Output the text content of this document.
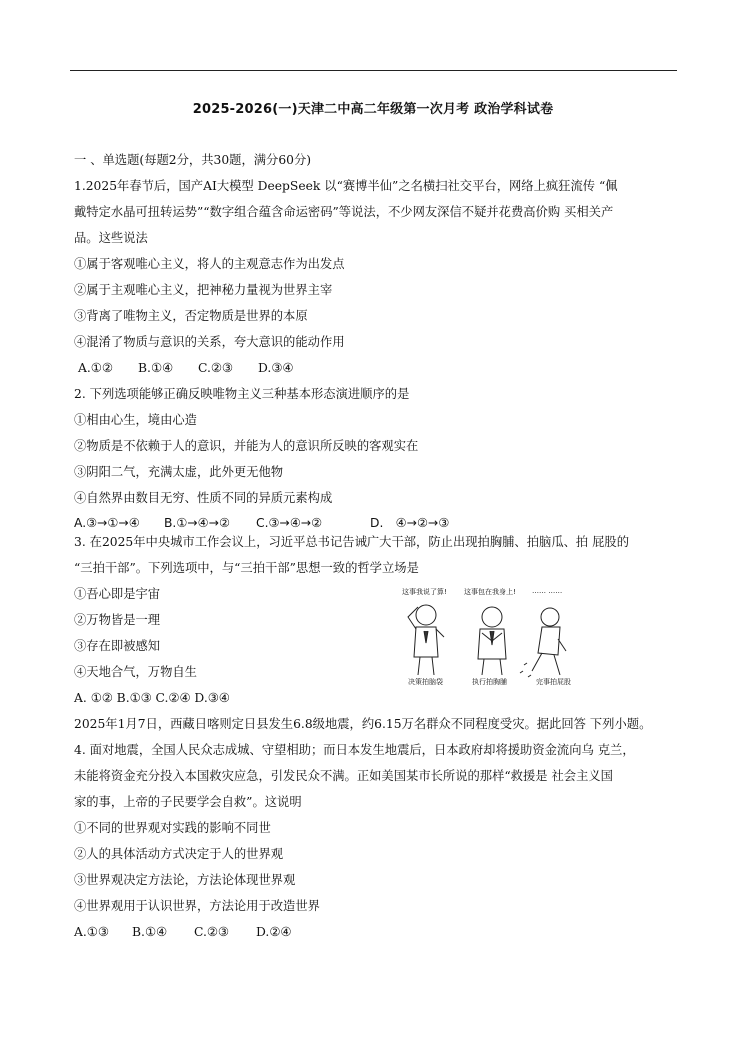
2025-2026(一)天津二中高二年级第一次月考 政治学科试卷
一 、单选题(每题2分，共30题，满分60分)
1.2025年春节后，国产AI大模型 DeepSeek 以“赛博半仙”之名横扫社交平台，网络上疯狂流传 “佩
戴特定水晶可扭转运势”“数字组合蕴含命运密码”等说法，不少网友深信不疑并花费高价购 买相关产
品。这些说法
①属于客观唯心主义，将人的主观意志作为出发点
②属于主观唯心主义，把神秘力量视为世界主宰
③背离了唯物主义，否定物质是世界的本原
④混淆了物质与意识的关系，夸大意识的能动作用
A.①② B.①④ C.②③ D.③④
2. 下列选项能够正确反映唯物主义三种基本形态演进顺序的是
①相由心生，境由心造
②物质是不依赖于人的意识，并能为人的意识所反映的客观实在
③阴阳二气，充满太虚，此外更无他物
④自然界由数目无穷、性质不同的异质元素构成
A.③→①→④ B.①→④→② C.③→④→②	D.　④→②→③
3. 在2025年中央城市工作会议上，习近平总书记告诫广大干部，防止出现拍胸脯、拍脑瓜、拍 屁股的
“三拍干部”。下列选项中，与“三拍干部”思想一致的哲学立场是
①吾心即是宇宙
②万物皆是一理
③存在即被感知
④天地合气，万物自生
A. ①② B.①③ C.②④ D.③④
这事我说了算! 这事包在我身上! …… ……
决策拍脑袋	执行拍胸脯	完事拍屁股
2025年1月7日，西藏日喀则定日县发生6.8级地震，约6.15万名群众不同程度受灾。据此回答 下列小题。
4. 面对地震，全国人民众志成城、守望相助；而日本发生地震后，日本政府却将援助资金流向乌 克兰，
未能将资金充分投入本国救灾应急，引发民众不满。正如美国某市长所说的那样“救援是 社会主义国
家的事，上帝的子民要学会自救”。这说明
①不同的世界观对实践的影响不同世
②人的具体活动方式决定于人的世界观
③世界观决定方法论，方法论体现世界观
④世界观用于认识世界，方法论用于改造世界
A.①③ B.①④ C.②③ D.②④
